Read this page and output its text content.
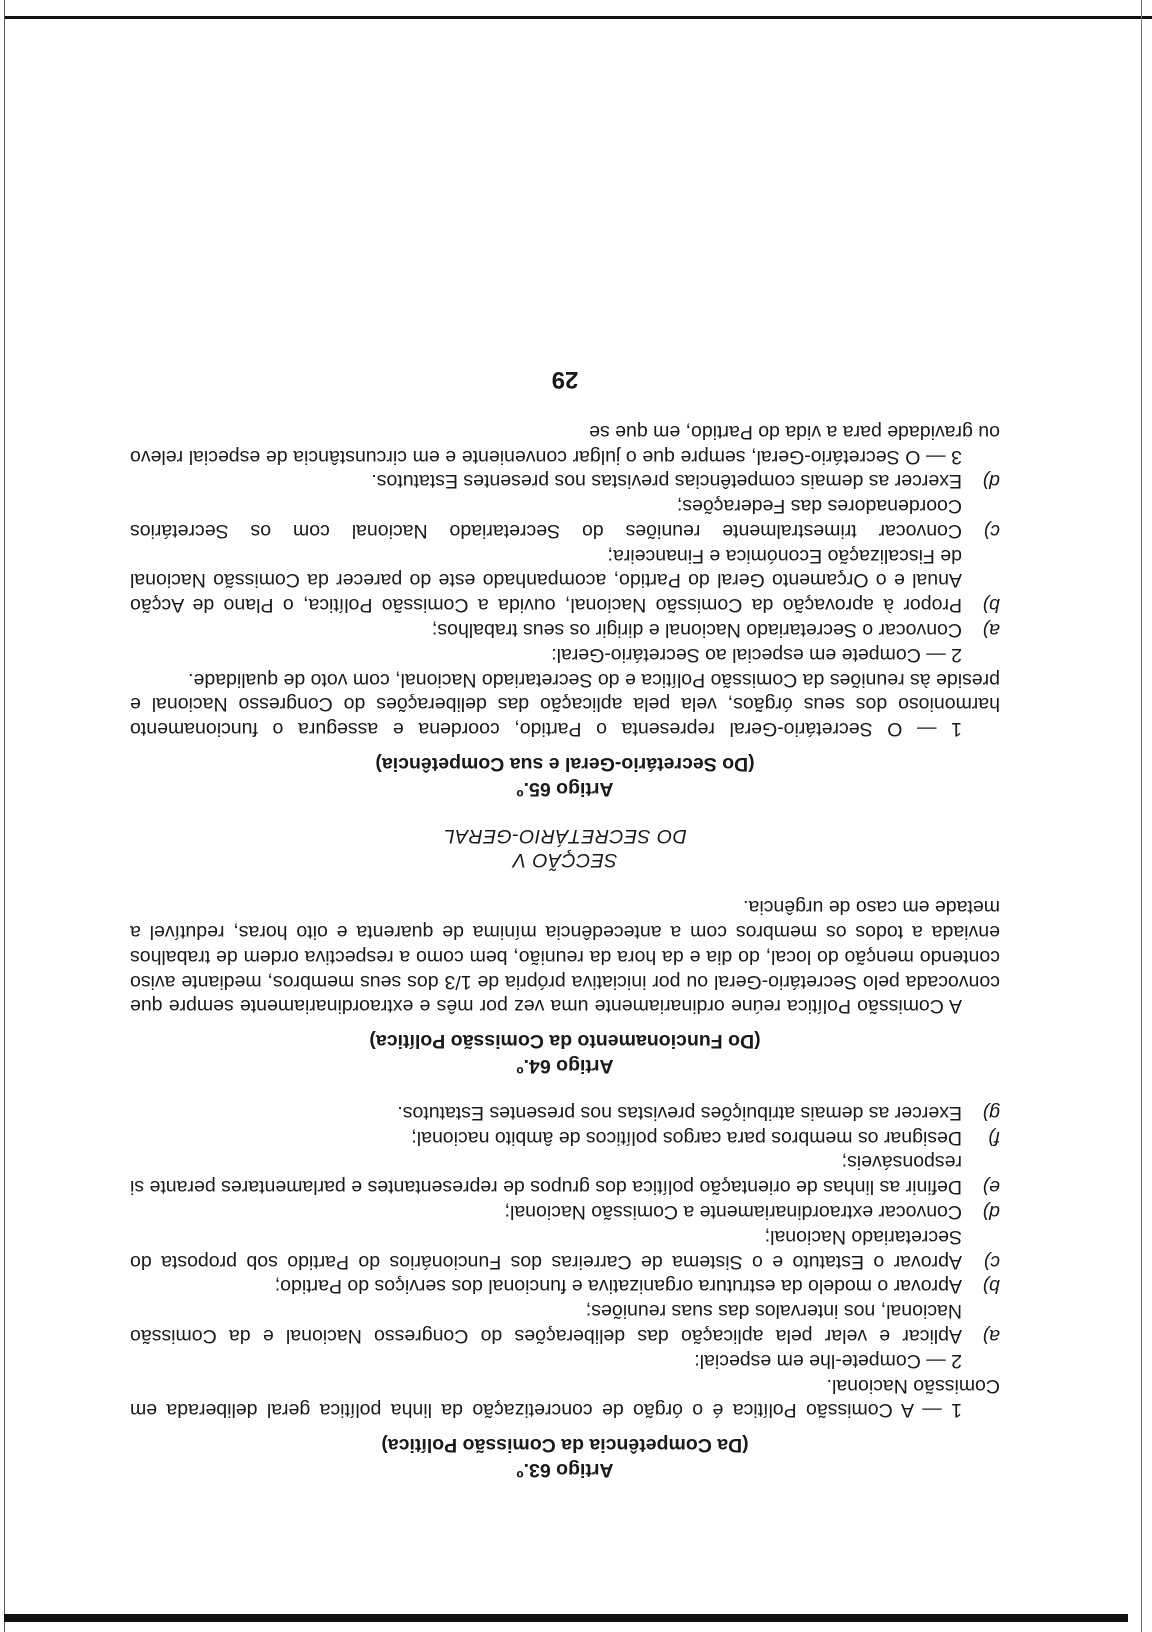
Artigo 63.º

(Da Competência da Comissão Política)

1 — A Comissão Política é o órgão de concretização da linha política geral deliberada em Comissão Nacional.

2 — Compete-lhe em especial:

a)
Aplicar e velar pela aplicação das deliberações do Congresso Nacional e da Comissão Nacional, nos intervalos das suas reuniões;
b)
Aprovar o modelo da estrutura organizativa e funcional dos serviços do Partido;
c)
Aprovar o Estatuto e o Sistema de Carreiras dos Funcionários do Partido sob proposta do Secretariado Nacional;
d)
Convocar extraordinariamente a Comissão Nacional;
e)
Definir as linhas de orientação política dos grupos de representantes e parlamentares perante si responsáveis;
f)
Designar os membros para cargos políticos de âmbito nacional;
g)
Exercer as demais atribuições previstas nos presentes Estatutos.

Artigo 64.º

(Do Funcionamento da Comissão Política)

A Comissão Política reúne ordinariamente uma vez por mês e extraordinariamente sempre que convocada pelo Secretário-Geral ou por iniciativa própria de 1/3 dos seus membros, mediante aviso contendo menção do local, do dia e da hora da reunião, bem como a respectiva ordem de trabalhos enviada a todos os membros com a antecedência mínima de quarenta e oito horas, redutível a metade em caso de urgência.

SECÇÃO V

DO SECRETÁRIO-GERAL

Artigo 65.º

(Do Secretário-Geral e sua Competência)

1 — O Secretário-Geral representa o Partido, coordena e assegura o funcionamento harmonioso dos seus órgãos, vela pela aplicação das deliberações do Congresso Nacional e preside às reuniões da Comissão Política e do Secretariado Nacional, com voto de qualidade.

2 — Compete em especial ao Secretário-Geral:

a)
Convocar o Secretariado Nacional e dirigir os seus trabalhos;
b)
Propor à aprovação da Comissão Nacional, ouvida a Comissão Política, o Plano de Acção Anual e o Orçamento Geral do Partido, acompanhado este do parecer da Comissão Nacional de Fiscalização Económica e Financeira;
c)
Convocar trimestralmente reuniões do Secretariado Nacional com os Secretários Coordenadores das Federações;
d)
Exercer as demais competências previstas nos presentes Estatutos.

3 — O Secretário-Geral, sempre que o julgar conveniente e em circunstância de especial relevo ou gravidade para a vida do Partido, em que se

29
